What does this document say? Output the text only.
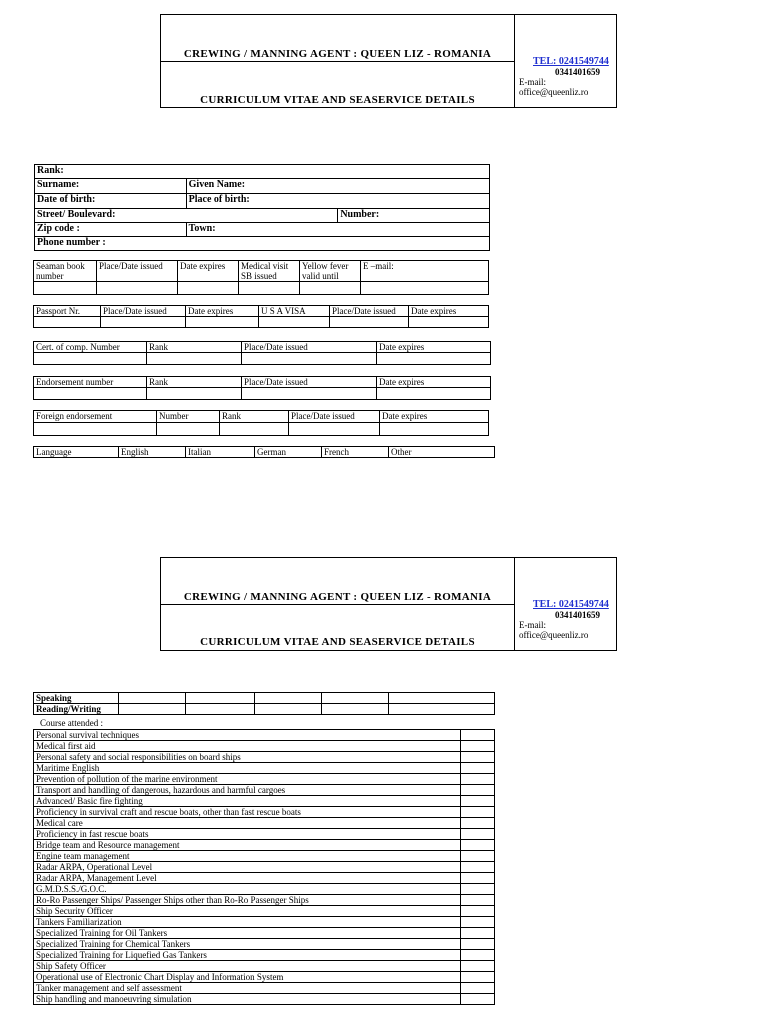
CREWING / MANNING AGENT : QUEEN LIZ - ROMANIA
CURRICULUM VITAE AND SEASERVICE DETAILS
TEL: 0241549744
0341401659
E-mail:
office@queenliz.ro
Rank:		
Surname:	Given Name:	
Date of birth:	Place of birth:	
Street/ Boulevard:		Number:
Zip code :	Town:	
Phone number :		
Seaman book number	Place/Date issued	Date expires	Medical visit SB issued	Yellow fever valid until	E –mail:

Passport Nr.	Place/Date issued	Date expires	U S A VISA	Place/Date issued	Date expires

Cert. of comp. Number	Rank	Place/Date issued	Date expires

Endorsement number	Rank	Place/Date issued	Date expires

Foreign endorsement	Number	Rank	Place/Date issued	Date expires

Language	English	Italian	German	French	Other
CREWING / MANNING AGENT : QUEEN LIZ - ROMANIA
CURRICULUM VITAE AND SEASERVICE DETAILS
TEL: 0241549744
0341401659
E-mail:
office@queenliz.ro
Speaking					
Reading/Writing					
Course attended :
Personal survival techniques	
Medical first aid	
Personal safety and social responsibilities on board ships	
Maritime English	
Prevention of pollution of the marine environment	
Transport and handling of dangerous, hazardous and harmful cargoes	
Advanced/ Basic fire fighting	
Proficiency in survival craft and rescue boats, other than fast rescue boats	
Medical care	
Proficiency in fast rescue boats	
Bridge team and Resource management	
Engine team management	
Radar ARPA, Operational Level	
Radar ARPA, Management Level	
G.M.D.S.S./G.O.C.	
Ro-Ro Passenger Ships/ Passenger Ships other than Ro-Ro Passenger Ships	
Ship Security Officer	
Tankers Familiarization	
Specialized Training for Oil Tankers	
Specialized Training for Chemical Tankers	
Specialized Training for Liquefied Gas Tankers	
Ship Safety Officer	
Operational use of Electronic Chart Display and Information System	
Tanker management and self assessment	
Ship handling and manoeuvring simulation	
